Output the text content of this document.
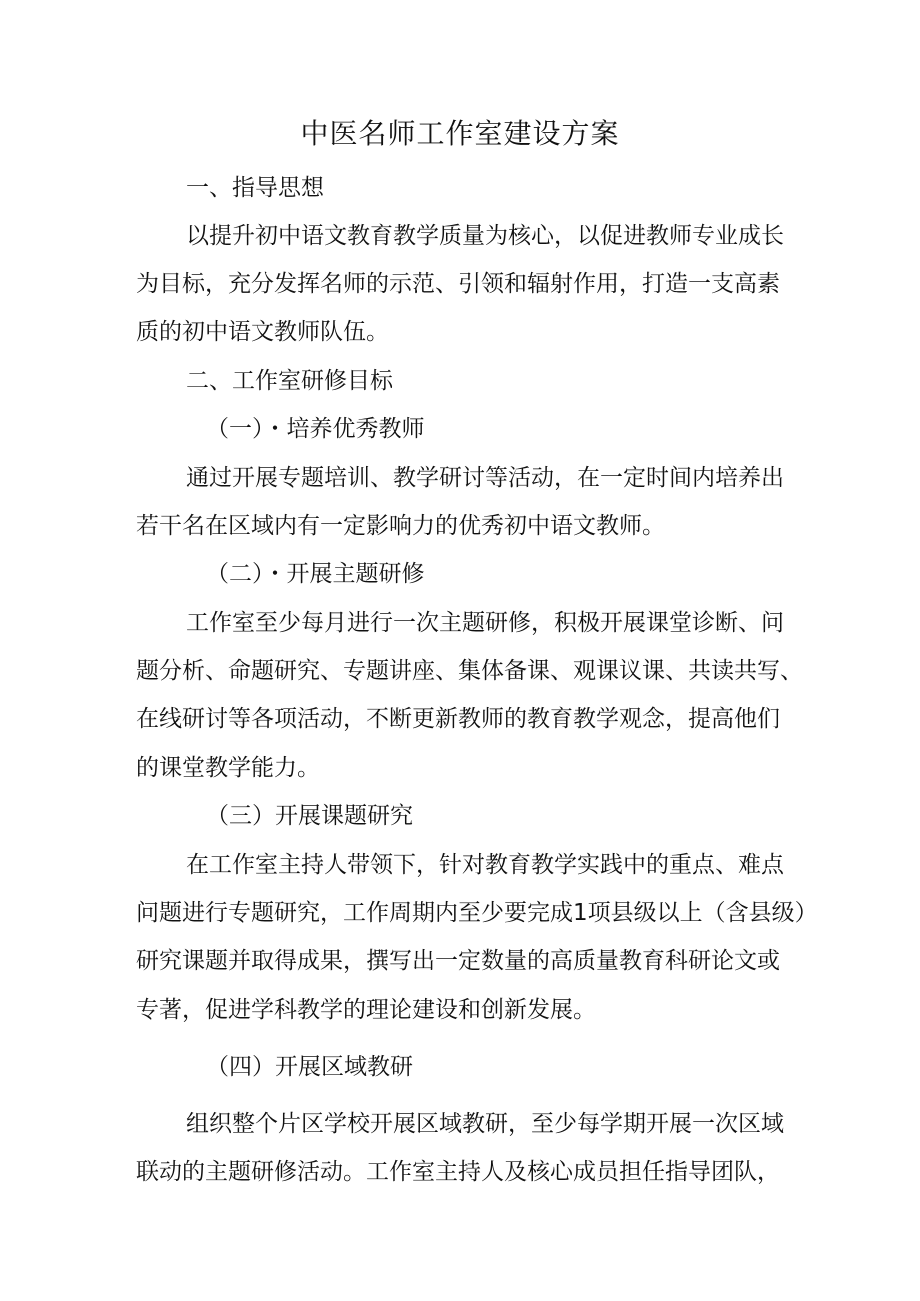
中医名师工作室建设方案
一、指导思想
以提升初中语文教育教学质量为核心，以促进教师专业成长
为目标，充分发挥名师的示范、引领和辐射作用，打造一支高素
质的初中语文教师队伍。
二、工作室研修目标
（一）・培养优秀教师
通过开展专题培训、教学研讨等活动，在一定时间内培养出
若干名在区域内有一定影响力的优秀初中语文教师。
（二）・开展主题研修
工作室至少每月进行一次主题研修，积极开展课堂诊断、问
题分析、命题研究、专题讲座、集体备课、观课议课、共读共写、
在线研讨等各项活动，不断更新教师的教育教学观念，提高他们
的课堂教学能力。
（三）开展课题研究
在工作室主持人带领下，针对教育教学实践中的重点、难点
问题进行专题研究，工作周期内至少要完成1项县级以上（含县级）
研究课题并取得成果，撰写出一定数量的高质量教育科研论文或
专著，促进学科教学的理论建设和创新发展。
（四）开展区域教研
组织整个片区学校开展区域教研，至少每学期开展一次区域
联动的主题研修活动。工作室主持人及核心成员担任指导团队，
